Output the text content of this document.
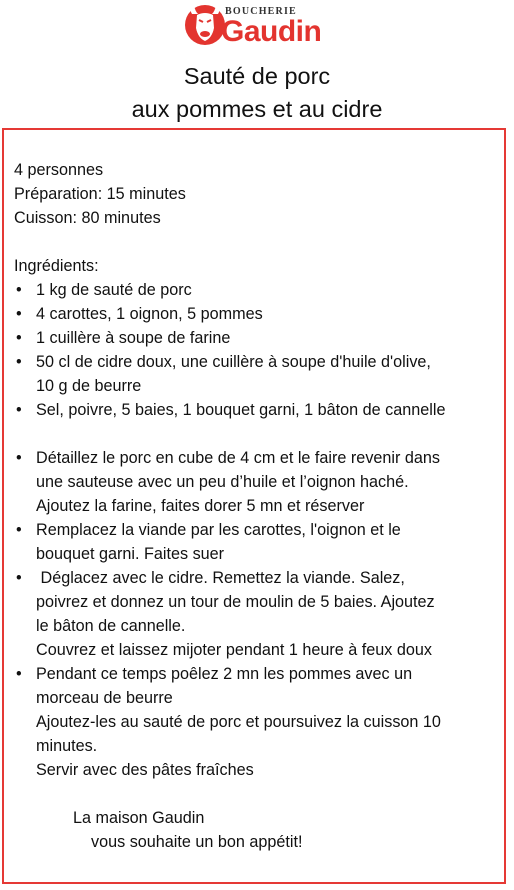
BOUCHERIE
Gaudin
Sauté de porc
aux pommes et au cidre
4 personnes
Préparation: 15 minutes
Cuisson: 80 minutes
Ingrédients:
• 1 kg de sauté de porc
• 4 carottes, 1 oignon, 5 pommes
• 1 cuillère à soupe de farine
• 50 cl de cidre doux, une cuillère à soupe d'huile d'olive,
10 g de beurre
• Sel, poivre, 5 baies, 1 bouquet garni, 1 bâton de cannelle
• Détaillez le porc en cube de 4 cm et le faire revenir dans
une sauteuse avec un peu d’huile et l’oignon haché.
Ajoutez la farine, faites dorer 5 mn et réserver
• Remplacez la viande par les carottes, l'oignon et le
bouquet garni. Faites suer
•  Déglacez avec le cidre. Remettez la viande. Salez,
poivrez et donnez un tour de moulin de 5 baies. Ajoutez
le bâton de cannelle.
Couvrez et laissez mijoter pendant 1 heure à feux doux
• Pendant ce temps poêlez 2 mn les pommes avec un
morceau de beurre
Ajoutez-les au sauté de porc et poursuivez la cuisson 10
minutes.
Servir avec des pâtes fraîches
La maison Gaudin
vous souhaite un bon appétit!
